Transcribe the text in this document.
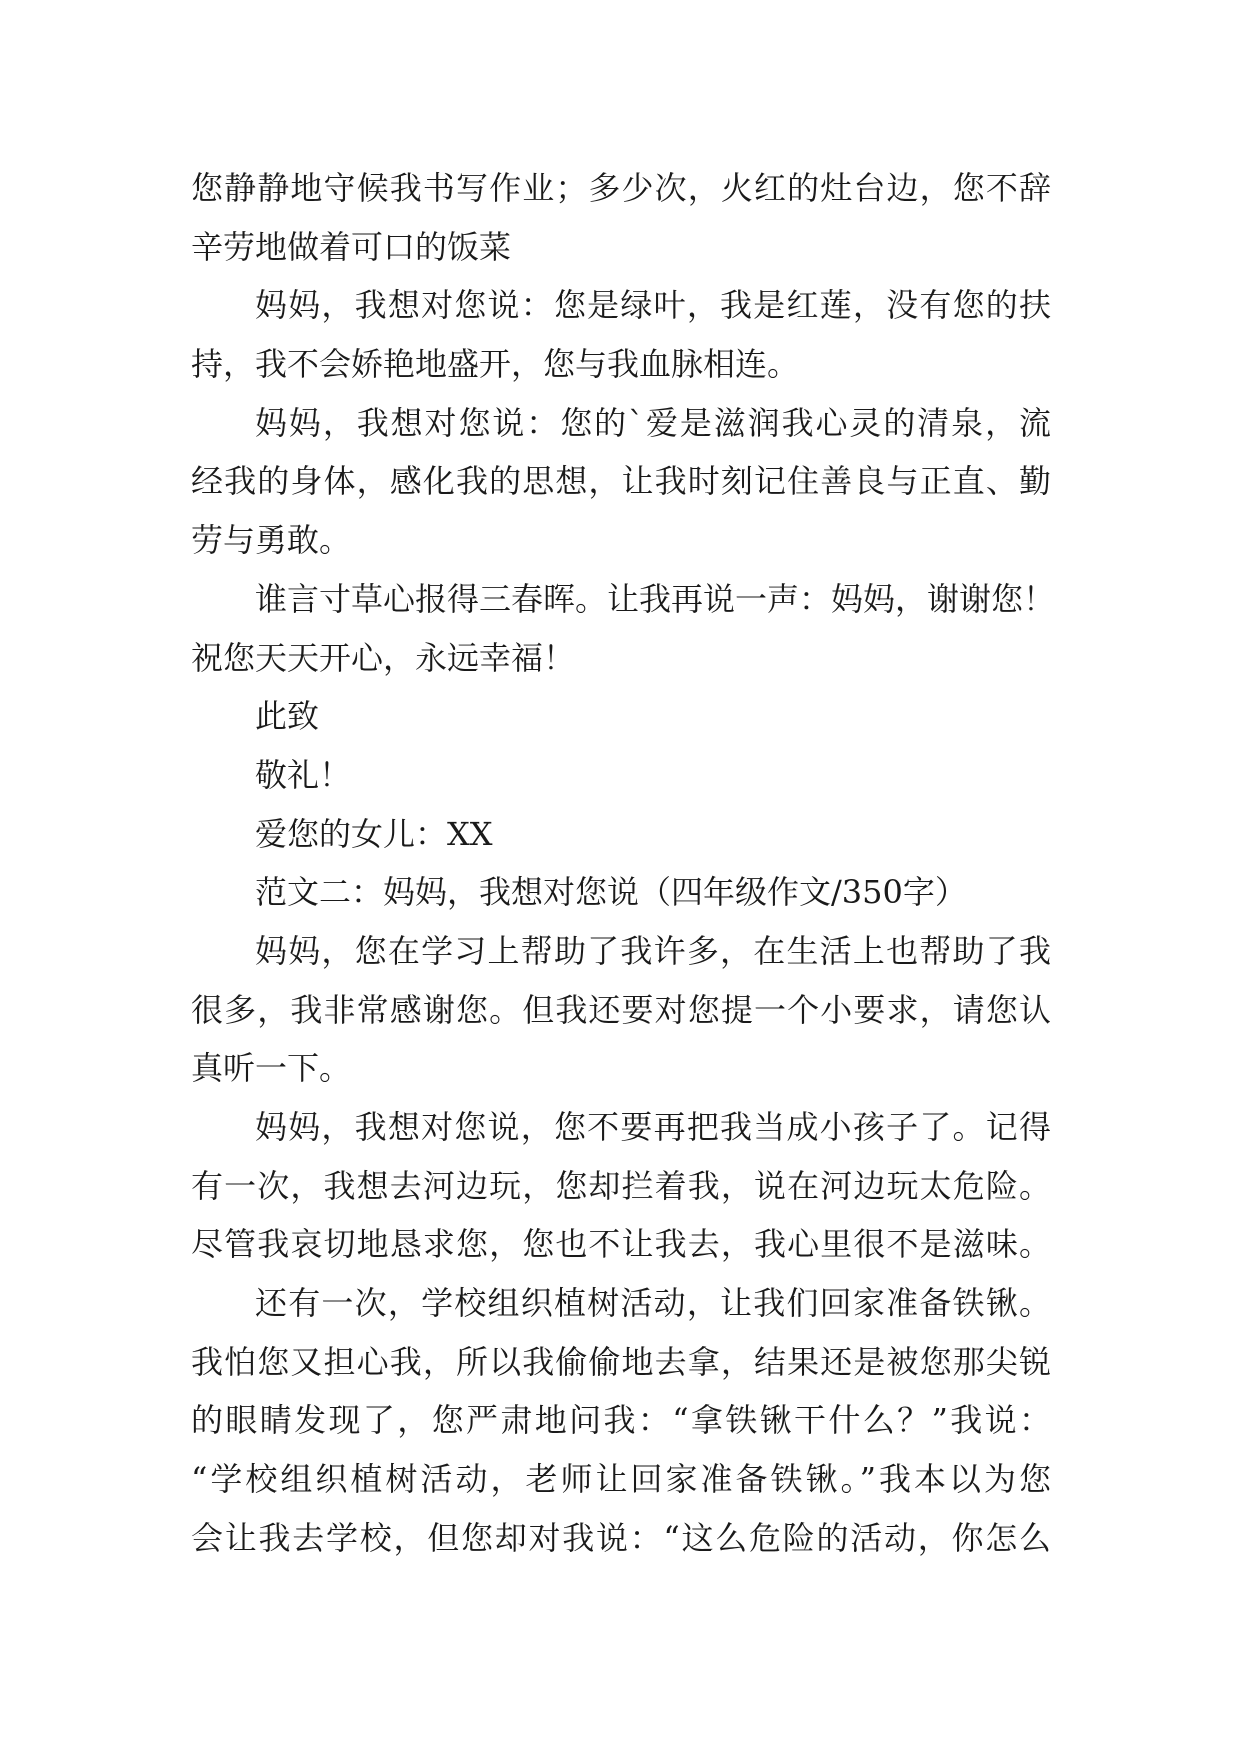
您静静地守候我书写作业；多少次，火红的灶台边，您不辞
辛劳地做着可口的饭菜
妈妈，我想对您说：您是绿叶，我是红莲，没有您的扶
持，我不会娇艳地盛开，您与我血脉相连。
妈妈，我想对您说：您的`爱是滋润我心灵的清泉，流
经我的身体，感化我的思想，让我时刻记住善良与正直、勤
劳与勇敢。
谁言寸草心报得三春晖。让我再说一声：妈妈，谢谢您！
祝您天天开心，永远幸福！
此致
敬礼！
爱您的女儿：XX
范文二：妈妈，我想对您说（四年级作文/350字）
妈妈，您在学习上帮助了我许多，在生活上也帮助了我
很多，我非常感谢您。但我还要对您提一个小要求，请您认
真听一下。
妈妈，我想对您说，您不要再把我当成小孩子了。记得
有一次，我想去河边玩，您却拦着我，说在河边玩太危险。
尽管我哀切地恳求您，您也不让我去，我心里很不是滋味。
还有一次，学校组织植树活动，让我们回家准备铁锹。
我怕您又担心我，所以我偷偷地去拿，结果还是被您那尖锐
的眼睛发现了，您严肃地问我：“拿铁锹干什么？”我说：
“学校组织植树活动，老师让回家准备铁锹。”我本以为您
会让我去学校，但您却对我说：“这么危险的活动，你怎么
